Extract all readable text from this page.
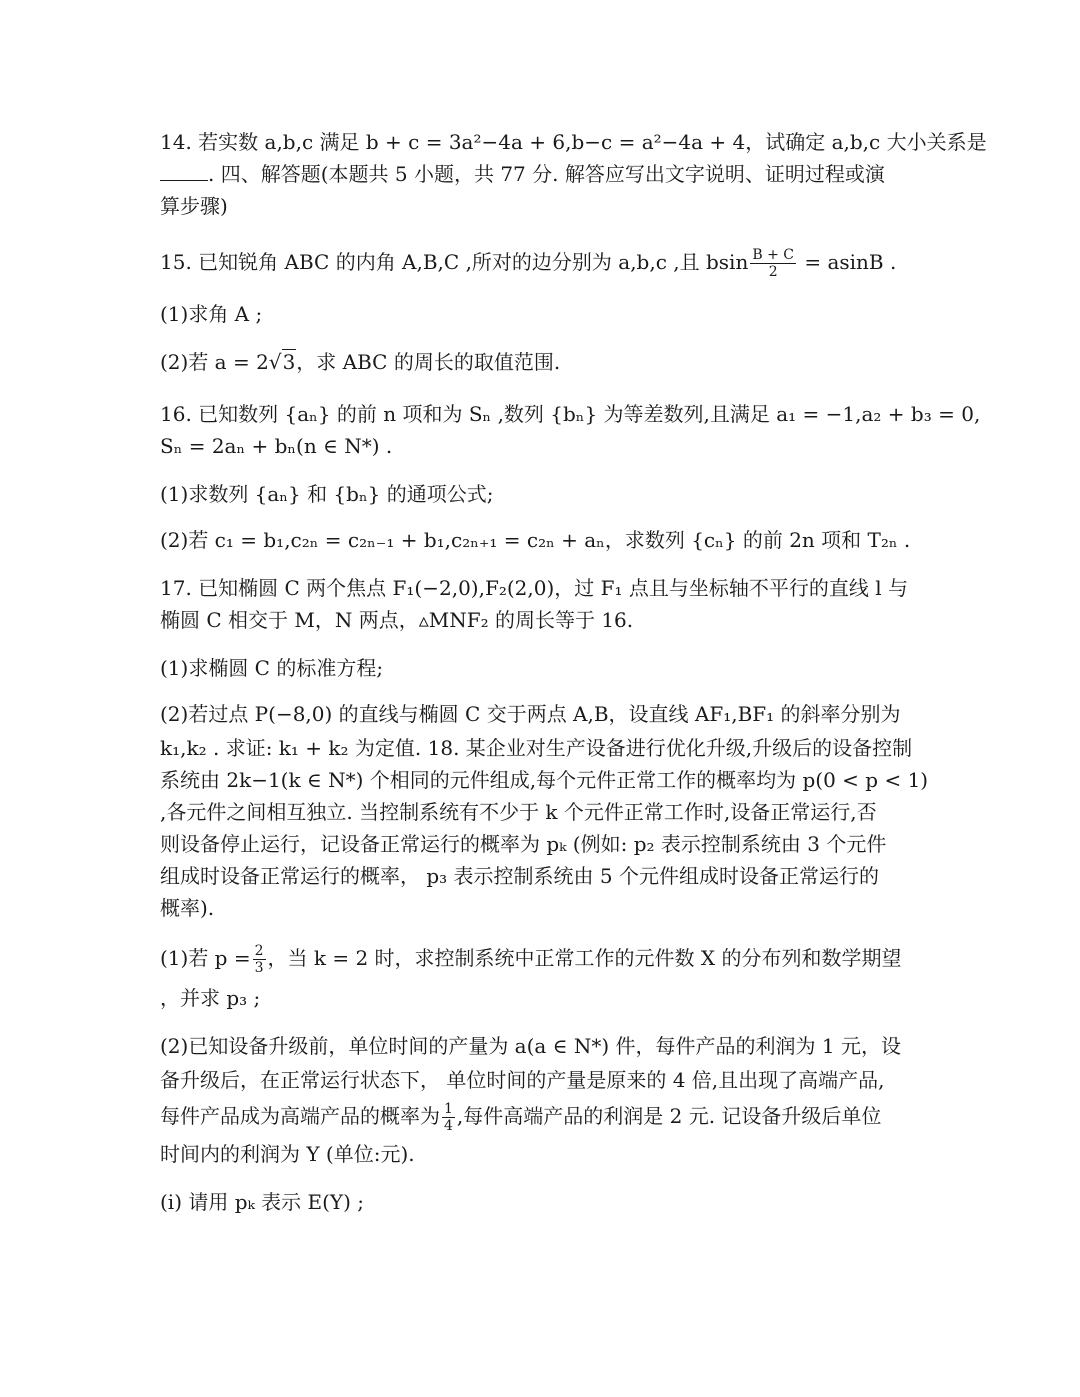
14. 若实数 a,b,c 满足 b + c = 3a²−4a + 6,b−c = a²−4a + 4，试确定 a,b,c 大小关系是
. 四、解答题(本题共 5 小题，共 77 分. 解答应写出文字说明、证明过程或演
算步骤)
15. 已知锐角 ABC 的内角 A,B,C ,所对的边分别为 a,b,c ,且 bsin $\frac{B + C}{2} = asinB$ .
(1)求角 A ;
(2)若 a = 2√3，求 ABC 的周长的取值范围.
16. 已知数列 {aₙ} 的前 n 项和为 Sₙ ,数列 {bₙ} 为等差数列,且满足 a₁ = −1,a₂ + b₃ = 0,
Sₙ = 2aₙ + bₙ(n ∈ N*) .
(1)求数列 {aₙ} 和 {bₙ} 的通项公式;
(2)若 c₁ = b₁,c₂ₙ = c₂ₙ₋₁ + b₁,c₂ₙ₊₁ = c₂ₙ + aₙ，求数列 {cₙ} 的前 2n 项和 T₂ₙ .
17. 已知椭圆 C 两个焦点 F₁(−2,0),F₂(2,0)，过 F₁ 点且与坐标轴不平行的直线 l 与
椭圆 C 相交于 M，N 两点，▵MNF₂ 的周长等于 16.
(1)求椭圆 C 的标准方程;
(2)若过点 P(−8,0) 的直线与椭圆 C 交于两点 A,B，设直线 AF₁,BF₁ 的斜率分别为
k₁,k₂ . 求证: k₁ + k₂ 为定值. 18. 某企业对生产设备进行优化升级,升级后的设备控制
系统由 2k−1(k ∈ N*) 个相同的元件组成,每个元件正常工作的概率均为 p(0 < p < 1)
,各元件之间相互独立. 当控制系统有不少于 k 个元件正常工作时,设备正常运行,否
则设备停止运行，记设备正常运行的概率为 pₖ (例如: p₂ 表示控制系统由 3 个元件
组成时设备正常运行的概率， p₃ 表示控制系统由 5 个元件组成时设备正常运行的
概率).
(1)若 $p = \frac{2}{3}$ ，当 k = 2 时，求控制系统中正常工作的元件数 X 的分布列和数学期望
，并求 p₃ ;
(2)已知设备升级前，单位时间的产量为 a(a ∈ N*) 件，每件产品的利润为 1 元，设
备升级后，在正常运行状态下， 单位时间的产量是原来的 4 倍,且出现了高端产品,
每件产品成为高端产品的概率为 $\frac{1}{4}$ ,每件高端产品的利润是 2 元. 记设备升级后单位
时间内的利润为 Y (单位:元).
(i) 请用 pₖ 表示 E(Y) ;
